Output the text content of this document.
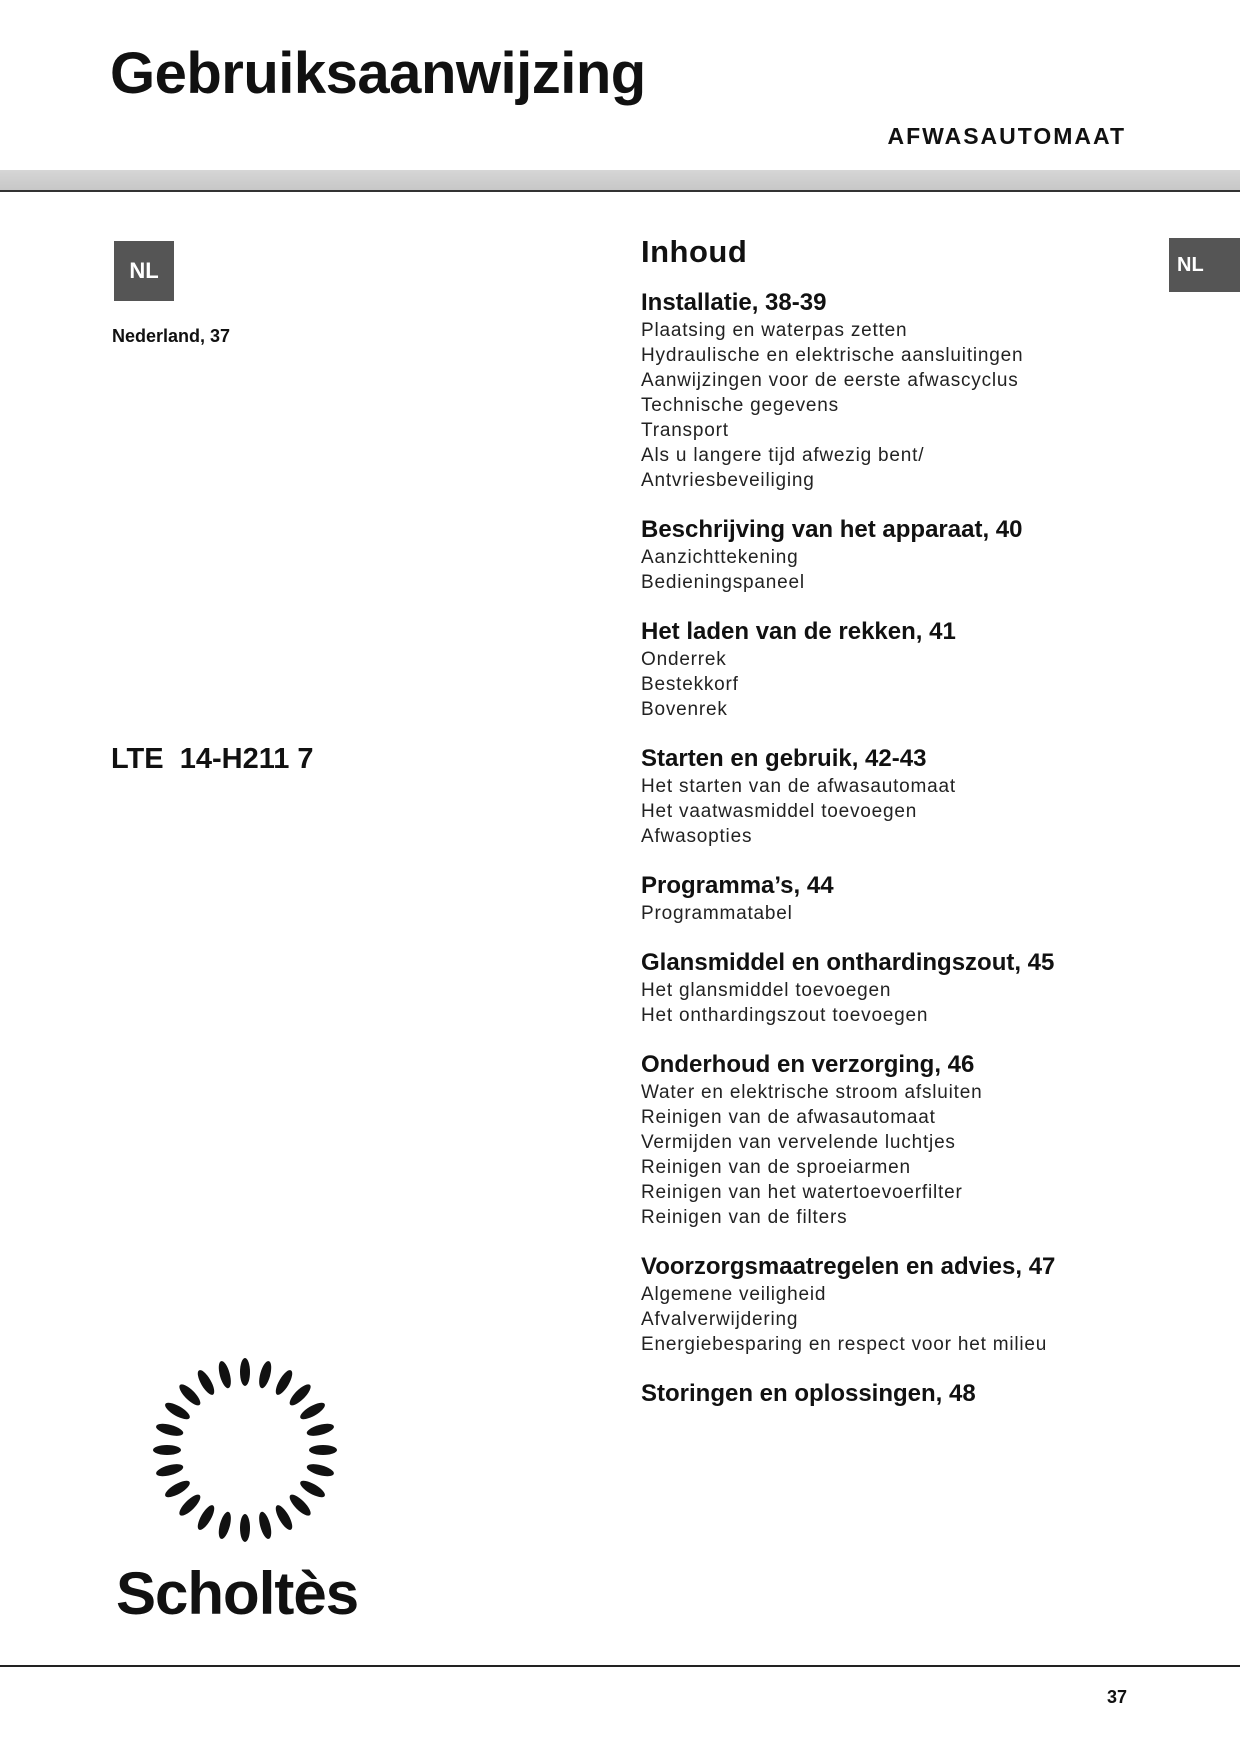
Gebruiksaanwijzing
AFWASAUTOMAAT
NL	NL
Nederland, 37
LTE  14-H211 7
Inhoud
Installatie, 38-39
Plaatsing en waterpas zetten
Hydraulische en elektrische aansluitingen
Aanwijzingen voor de eerste afwascyclus
Technische gegevens
Transport
Als u langere tijd afwezig bent/
Antvriesbeveiliging
Beschrijving van het apparaat, 40
Aanzichttekening
Bedieningspaneel
Het laden van de rekken, 41
Onderrek
Bestekkorf
Bovenrek
Starten en gebruik, 42-43
Het starten van de afwasautomaat
Het vaatwasmiddel toevoegen
Afwasopties
Programma’s, 44
Programmatabel
Glansmiddel en onthardingszout, 45
Het glansmiddel toevoegen
Het onthardingszout toevoegen
Onderhoud en verzorging, 46
Water en elektrische stroom afsluiten
Reinigen van de afwasautomaat
Vermijden van vervelende luchtjes
Reinigen van de sproeiarmen
Reinigen van het watertoevoerfilter
Reinigen van de filters
Voorzorgsmaatregelen en advies, 47
Algemene veiligheid
Afvalverwijdering
Energiebesparing en respect voor het milieu
Storingen en oplossingen, 48
Scholtès
37
